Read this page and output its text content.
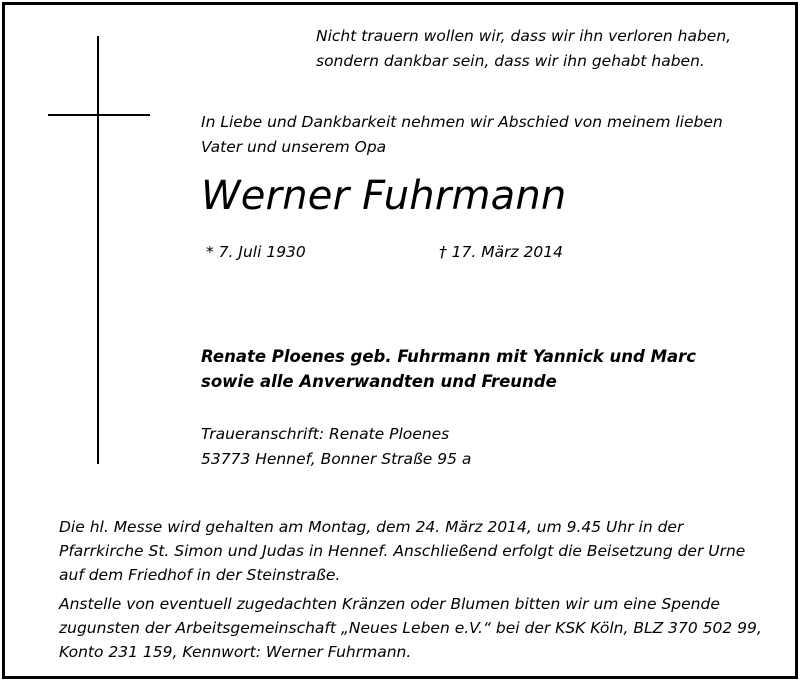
Nicht trauern wollen wir, dass wir ihn verloren haben,
sondern dankbar sein, dass wir ihn gehabt haben.
In Liebe und Dankbarkeit nehmen wir Abschied von meinem lieben
Vater und unserem Opa
Werner Fuhrmann
* 7. Juli 1930	† 17. März 2014
Renate Ploenes geb. Fuhrmann mit Yannick und Marc
sowie alle Anverwandten und Freunde
Traueranschrift: Renate Ploenes
53773 Hennef, Bonner Straße 95 a
Die hl. Messe wird gehalten am Montag, dem 24. März 2014, um 9.45 Uhr in der
Pfarrkirche St. Simon und Judas in Hennef. Anschließend erfolgt die Beisetzung der Urne
auf dem Friedhof in der Steinstraße.
Anstelle von eventuell zugedachten Kränzen oder Blumen bitten wir um eine Spende
zugunsten der Arbeitsgemeinschaft „Neues Leben e.V.“ bei der KSK Köln, BLZ 370 502 99,
Konto 231 159, Kennwort: Werner Fuhrmann.
